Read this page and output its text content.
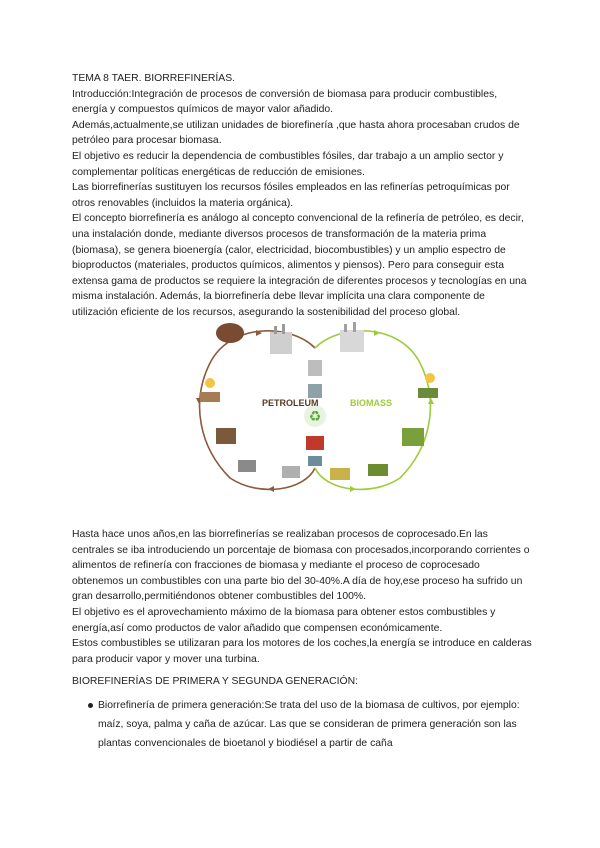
TEMA 8 TAER. BIORREFINERÍAS.

Introducción:Integración de procesos de conversión de biomasa para producir combustibles, energía y compuestos químicos de mayor valor añadido.

Además,actualmente,se utilizan unidades de biorefinería ,que hasta ahora procesaban crudos de petróleo para procesar biomasa.

El objetivo es reducir la dependencia de combustibles fósiles, dar trabajo a un amplio sector y complementar políticas energéticas de reducción de emisiones.

Las biorrefinerías sustituyen los recursos fósiles empleados en las refinerías petroquímicas por otros renovables (incluidos la materia orgánica).

El concepto biorrefinería es análogo al concepto convencional de la refinería de petróleo, es decir, una instalación donde, mediante diversos procesos de transformación de la materia prima (biomasa), se genera bioenergía (calor, electricidad, biocombustibles) y un amplio espectro de bioproductos (materiales, productos químicos, alimentos y piensos). Pero para conseguir esta extensa gama de productos se requiere la integración de diferentes procesos y tecnologías en una misma instalación. Además, la biorrefinería debe llevar implícita una clara componente de utilización eficiente de los recursos, asegurando la sostenibilidad del proceso global.

♻
PETROLEUM	BIOMASS

Hasta hace unos años,en las biorrefinerías se realizaban procesos de coprocesado.En las centrales se iba introduciendo un porcentaje de biomasa con procesados,incorporando corrientes o alimentos de refinería con fracciones de biomasa y mediante el proceso de coprocesado obtenemos un combustibles con una parte bio del 30-40%.A día de hoy,ese proceso ha sufrido un gran desarrollo,permitiéndonos obtener combustibles del 100%.

El objetivo es el aprovechamiento máximo de la biomasa para obtener estos combustibles y energía,así como productos de valor añadido que compensen económicamente.

Estos combustibles se utilizaran para los motores de los coches,la energía se introduce en calderas para producir vapor y mover una turbina.

BIOREFINERÍAS DE PRIMERA Y SEGUNDA GENERACIÓN:
Biorrefinería de primera generación:Se trata del uso de la biomasa de cultivos, por ejemplo: maíz, soya, palma y caña de azúcar. Las que se consideran de primera generación son las plantas convencionales de bioetanol y biodiésel a partir de caña
